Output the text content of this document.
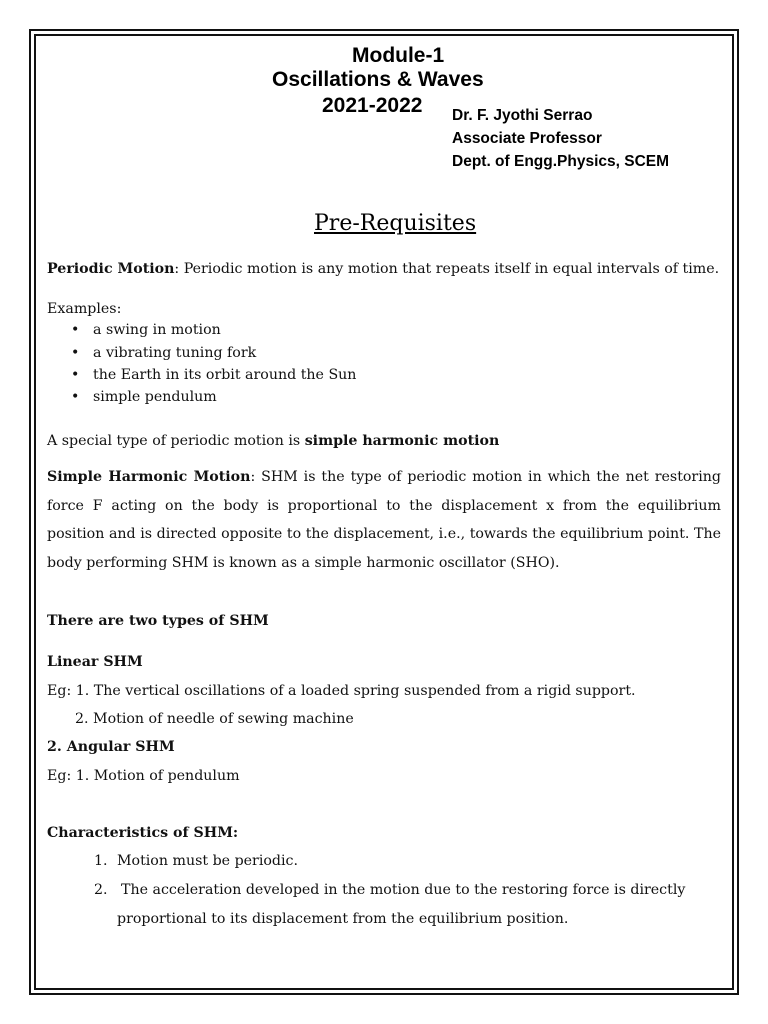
Module-1
Oscillations & Waves
2021-2022 Dr. F. Jyothi Serrao
Associate Professor
Dept. of Engg.Physics, SCEM
Pre-Requisites
Periodic Motion: Periodic motion is any motion that repeats itself in equal intervals of time.
Examples:
• a swing in motion
• a vibrating tuning fork
• the Earth in its orbit around the Sun
• simple pendulum
A special type of periodic motion is simple harmonic motion
Simple Harmonic Motion: SHM is the type of periodic motion in which the net restoring force F acting on the body is proportional to the displacement x from the equilibrium position and is directed opposite to the displacement, i.e., towards the equilibrium point. The body performing SHM is known as a simple harmonic oscillator (SHO).
There are two types of SHM
Linear SHM
Eg: 1. The vertical oscillations of a loaded spring suspended from a rigid support.
2. Motion of needle of sewing machine
2. Angular SHM
Eg: 1. Motion of pendulum
Characteristics of SHM:
1. Motion must be periodic.
2. The acceleration developed in the motion due to the restoring force is directly
proportional to its displacement from the equilibrium position.
